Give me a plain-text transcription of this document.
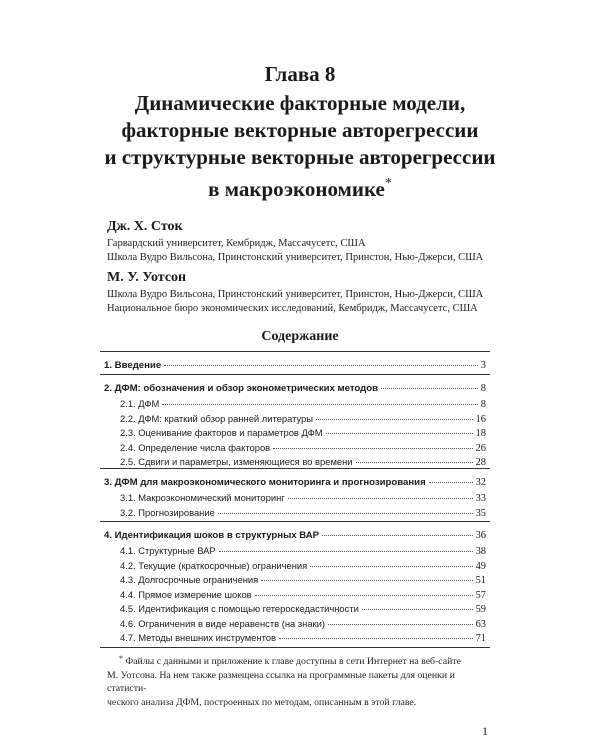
Глава 8
Динамические факторные модели,
факторные векторные авторегрессии
и структурные векторные авторегрессии
в макроэкономике*
Дж. Х. Сток
Гарвардский университет, Кембридж, Массачусетс, США
Школа Вудро Вильсона, Принстонский университет, Принстон, Нью-Джерси, США
М. У. Уотсон
Школа Вудро Вильсона, Принстонский университет, Принстон, Нью-Джерси, США
Национальное бюро экономических исследований, Кембридж, Массачусетс, США
Содержание
1. Введение	3
2. ДФМ: обозначения и обзор эконометрических методов	8
2.1. ДФМ	8
2.2. ДФМ: краткий обзор ранней литературы	16
2.3. Оценивание факторов и параметров ДФМ	18
2.4. Определение числа факторов	26
2.5. Сдвиги и параметры, изменяющиеся во времени	28
3. ДФМ для макроэкономического мониторинга и прогнозирования	32
3.1. Макроэкономический мониторинг	33
3.2. Прогнозирование	35
4. Идентификация шоков в структурных ВАР	36
4.1. Структурные ВАР	38
4.2. Текущие (краткосрочные) ограничения	49
4.3. Долгосрочные ограничения	51
4.4. Прямое измерение шоков	57
4.5. Идентификация с помощью гетероскедастичности	59
4.6. Ограничения в виде неравенств (на знаки)	63
4.7. Методы внешних инструментов	71
* Файлы с данными и приложение к главе доступны в сети Интернет на веб-сайте
М. Уотсона. На нем также размещена ссылка на программные пакеты для оценки и статисти-
ческого анализа ДФМ, построенных по методам, описанным в этой главе.
1
